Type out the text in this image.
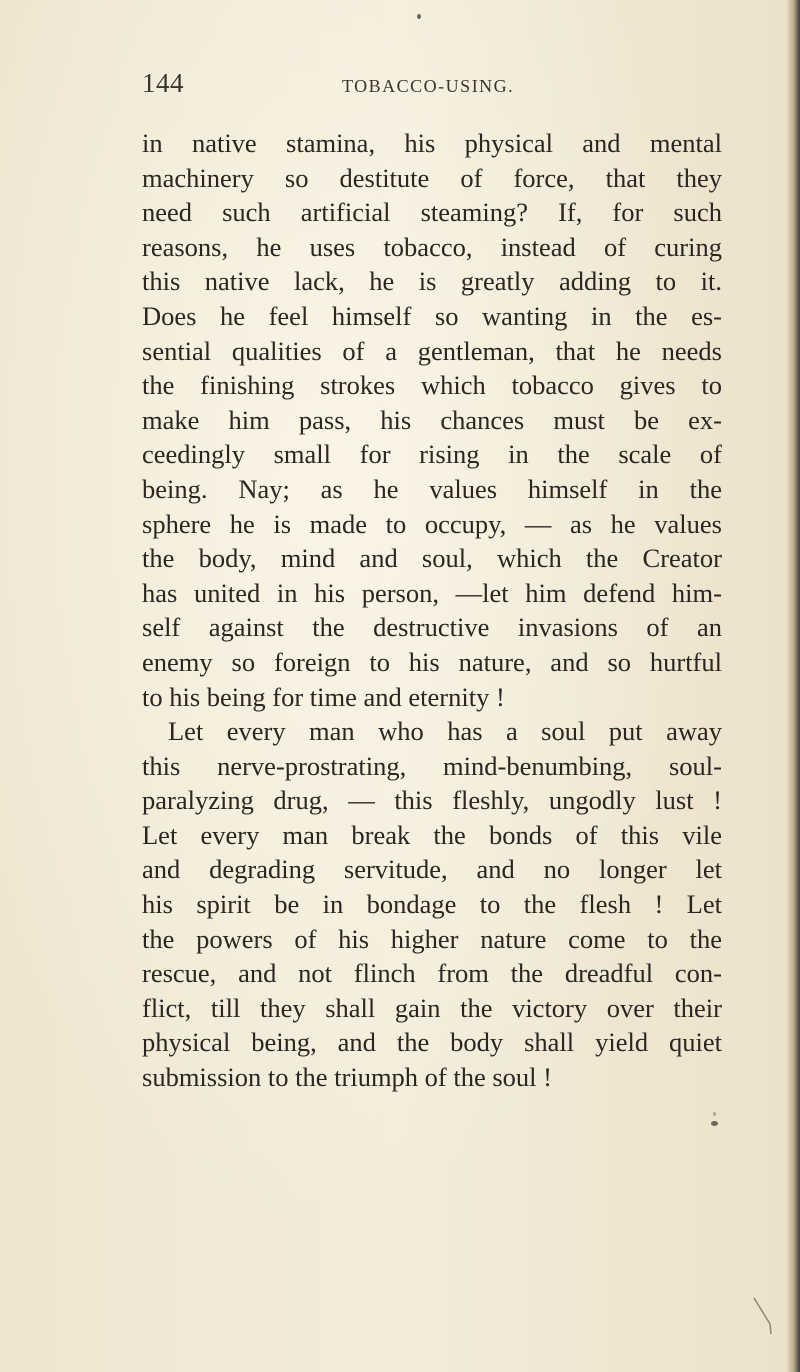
144	TOBACCO-USING.
in native stamina, his physical and mental
machinery so destitute of force, that they
need such artificial steaming? If, for such
reasons, he uses tobacco, instead of curing
this native lack, he is greatly adding to it.
Does he feel himself so wanting in the es-
sential qualities of a gentleman, that he needs
the finishing strokes which tobacco gives to
make him pass, his chances must be ex-
ceedingly small for rising in the scale of
being. Nay; as he values himself in the
sphere he is made to occupy, — as he values
the body, mind and soul, which the Creator
has united in his person, —let him defend him-
self against the destructive invasions of an
enemy so foreign to his nature, and so hurtful
to his being for time and eternity !
Let every man who has a soul put away
this nerve-prostrating, mind-benumbing, soul-
paralyzing drug, — this fleshly, ungodly lust !
Let every man break the bonds of this vile
and degrading servitude, and no longer let
his spirit be in bondage to the flesh ! Let
the powers of his higher nature come to the
rescue, and not flinch from the dreadful con-
flict, till they shall gain the victory over their
physical being, and the body shall yield quiet
submission to the triumph of the soul !
